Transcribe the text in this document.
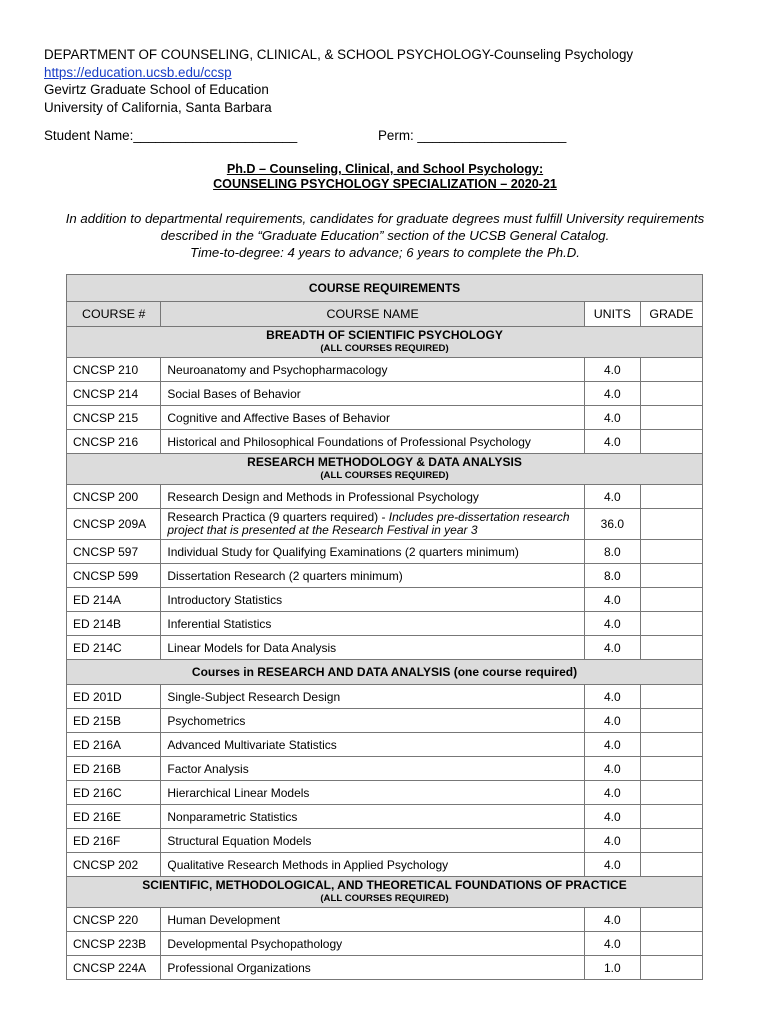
DEPARTMENT OF COUNSELING, CLINICAL, & SCHOOL PSYCHOLOGY-Counseling Psychology
https://education.ucsb.edu/ccsp
Gevirtz Graduate School of Education
University of California, Santa Barbara
Student Name:______________________	Perm: ____________________
Ph.D – Counseling, Clinical, and School Psychology:
COUNSELING PSYCHOLOGY SPECIALIZATION – 2020-21
In addition to departmental requirements, candidates for graduate degrees must fulfill University requirements
described in the “Graduate Education” section of the UCSB General Catalog.
Time-to-degree: 4 years to advance; 6 years to complete the Ph.D.
COURSE REQUIREMENTS			
COURSE #	COURSE NAME	UNITS	GRADE
BREADTH OF SCIENTIFIC PSYCHOLOGY
(ALL COURSES REQUIRED)			

CNCSP 210	Neuroanatomy and Psychopharmacology	4.0	
CNCSP 214	Social Bases of Behavior	4.0	
CNCSP 215	Cognitive and Affective Bases of Behavior	4.0	
CNCSP 216	Historical and Philosophical Foundations of Professional Psychology	4.0	
RESEARCH METHODOLOGY & DATA ANALYSIS
(ALL COURSES REQUIRED)			

CNCSP 200	Research Design and Methods in Professional Psychology	4.0	
CNCSP 209A	Research Practica (9 quarters required) - Includes pre-dissertation research project that is presented at the Research Festival in year 3	36.0	
CNCSP 597	Individual Study for Qualifying Examinations (2 quarters minimum)	8.0	
CNCSP 599	Dissertation Research (2 quarters minimum)	8.0	
ED 214A	Introductory Statistics	4.0	
ED 214B	Inferential Statistics	4.0	
ED 214C	Linear Models for Data Analysis	4.0	
Courses in RESEARCH AND DATA ANALYSIS (one course required)			
ED 201D	Single-Subject Research Design	4.0	
ED 215B	Psychometrics	4.0	
ED 216A	Advanced Multivariate Statistics	4.0	
ED 216B	Factor Analysis	4.0	
ED 216C	Hierarchical Linear Models	4.0	
ED 216E	Nonparametric Statistics	4.0	
ED 216F	Structural Equation Models	4.0	
CNCSP 202	Qualitative Research Methods in Applied Psychology	4.0	
SCIENTIFIC, METHODOLOGICAL, AND THEORETICAL FOUNDATIONS OF PRACTICE
(ALL COURSES REQUIRED)			

CNCSP 220	Human Development	4.0	
CNCSP 223B	Developmental Psychopathology	4.0	
CNCSP 224A	Professional Organizations	1.0	
